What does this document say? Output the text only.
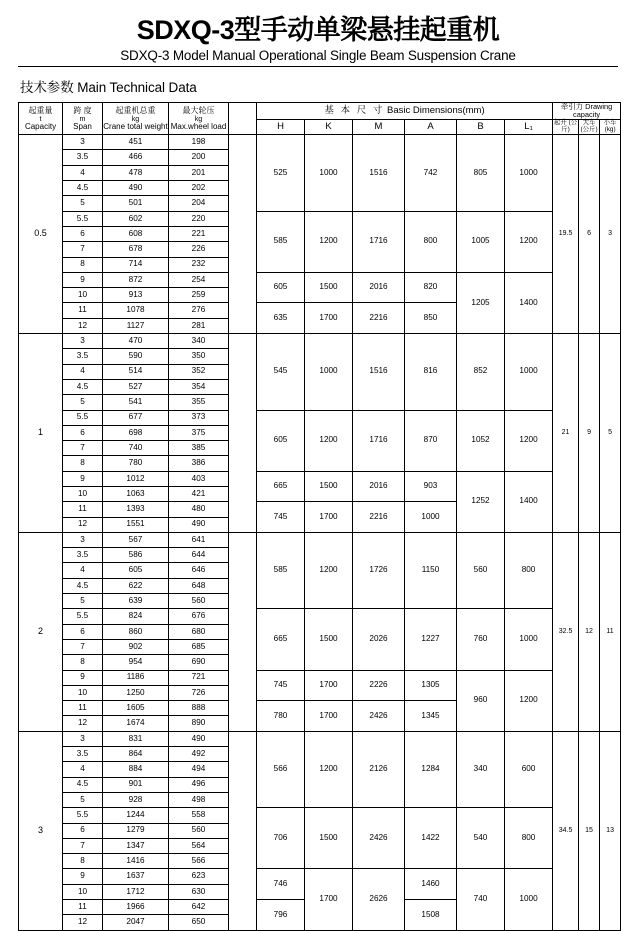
SDXQ-3型手动单梁悬挂起重机
SDXQ-3 Model Manual Operational Single Beam Suspension Crane
技术参数 Main Technical Data
起重量
t
Capacity	跨 度
m
Span	起重机总重
kg
Crane total weight	最大轮压
kg
Max.wheel load		基 本 尺 寸 Basic Dimensions(mm)						牵引力 Drawing capacity		
					H	K	M	A	B	L₁	起升 (公斤)	大车 (公斤)	小车 (kg)
0.5	3	451	198		525	1000	1516	742	805	1000	19.5	6	3
	3.5	466	200										
	4	478	201										
	4.5	490	202										
	5	501	204										
	5.5	602	220		585	1200	1716	800	1005	1200			
	6	608	221										
	7	678	226										
	8	714	232										
	9	872	254		605	1500	2016	820	1205	1400			
	10	913	259										
	11	1078	276		635	1700	2216	850					
	12	1127	281										
1	3	470	340		545	1000	1516	816	852	1000	21	9	5
	3.5	590	350										
	4	514	352										
	4.5	527	354										
	5	541	355										
	5.5	677	373		605	1200	1716	870	1052	1200			
	6	698	375										
	7	740	385										
	8	780	386										
	9	1012	403		665	1500	2016	903	1252	1400			
	10	1063	421										
	11	1393	480		745	1700	2216	1000					
	12	1551	490										
2	3	567	641		585	1200	1726	1150	560	800	32.5	12	11
	3.5	586	644										
	4	605	646										
	4.5	622	648										
	5	639	560										
	5.5	824	676		665	1500	2026	1227	760	1000			
	6	860	680										
	7	902	685										
	8	954	690										
	9	1186	721		745	1700	2226	1305	960	1200			
	10	1250	726										
	11	1605	888		780	1700	2426	1345					
	12	1674	890										
3	3	831	490		566	1200	2126	1284	340	600	34.5	15	13
	3.5	864	492										
	4	884	494										
	4.5	901	496										
	5	928	498										
	5.5	1244	558		706	1500	2426	1422	540	800			
	6	1279	560										
	7	1347	564										
	8	1416	566										
	9	1637	623		746	1700	2626	1460	740	1000			
	10	1712	630										
	11	1966	642		796			1508					
	12	2047	650										
